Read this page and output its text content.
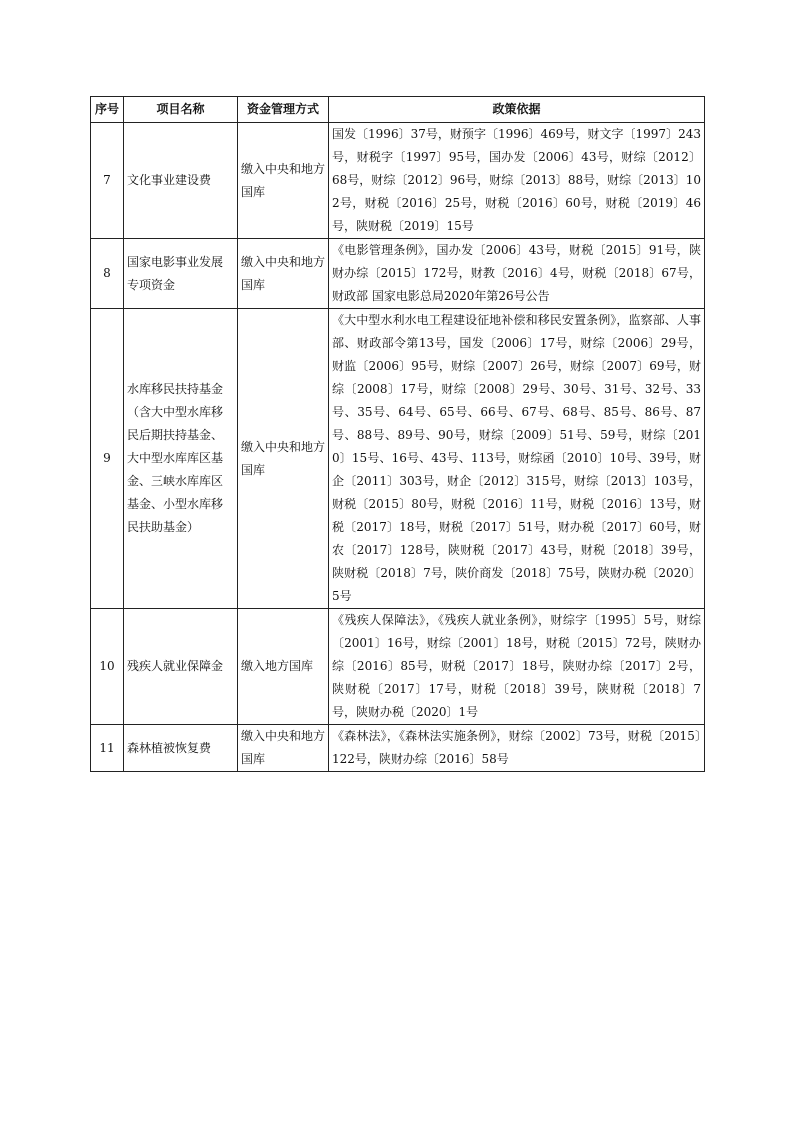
序号	项目名称	资金管理方式	政策依据
7	文化事业建设费	缴入中央和地方国库	国发〔1996〕37号，财预字〔1996〕469号，财文字〔1997〕243号，财税字〔1997〕95号，国办发〔2006〕43号，财综〔2012〕68号，财综〔2012〕96号，财综〔2013〕88号，财综〔2013〕102号，财税〔2016〕25号，财税〔2016〕60号，财税〔2019〕46号，陕财税〔2019〕15号
8	国家电影事业发展专项资金	缴入中央和地方国库	《电影管理条例》，国办发〔2006〕43号，财税〔2015〕91号，陕财办综〔2015〕172号，财教〔2016〕4号，财税〔2018〕67号，财政部 国家电影总局2020年第26号公告
9	水库移民扶持基金（含大中型水库移民后期扶持基金、大中型水库库区基金、三峡水库库区基金、小型水库移民扶助基金）	缴入中央和地方国库	《大中型水利水电工程建设征地补偿和移民安置条例》，监察部、人事部、财政部令第13号，国发〔2006〕17号，财综〔2006〕29号，财监〔2006〕95号，财综〔2007〕26号，财综〔2007〕69号，财综〔2008〕17号，财综〔2008〕29号、30号、31号、32号、33号、35号、64号、65号、66号、67号、68号、85号、86号、87号、88号、89号、90号，财综〔2009〕51号、59号，财综〔2010〕15号、16号、43号、113号，财综函〔2010〕10号、39号，财企〔2011〕303号，财企〔2012〕315号，财综〔2013〕103号，财税〔2015〕80号，财税〔2016〕11号，财税〔2016〕13号，财税〔2017〕18号，财税〔2017〕51号，财办税〔2017〕60号，财农〔2017〕128号，陕财税〔2017〕43号，财税〔2018〕39号，陕财税〔2018〕7号，陕价商发〔2018〕75号，陕财办税〔2020〕5号
10	残疾人就业保障金	缴入地方国库	《残疾人保障法》，《残疾人就业条例》，财综字〔1995〕5号，财综〔2001〕16号，财综〔2001〕18号，财税〔2015〕72号，陕财办综〔2016〕85号，财税〔2017〕18号，陕财办综〔2017〕2号，陕财税〔2017〕17号，财税〔2018〕39号，陕财税〔2018〕7号，陕财办税〔2020〕1号
11	森林植被恢复费	缴入中央和地方国库	《森林法》，《森林法实施条例》，财综〔2002〕73号，财税〔2015〕122号，陕财办综〔2016〕58号
